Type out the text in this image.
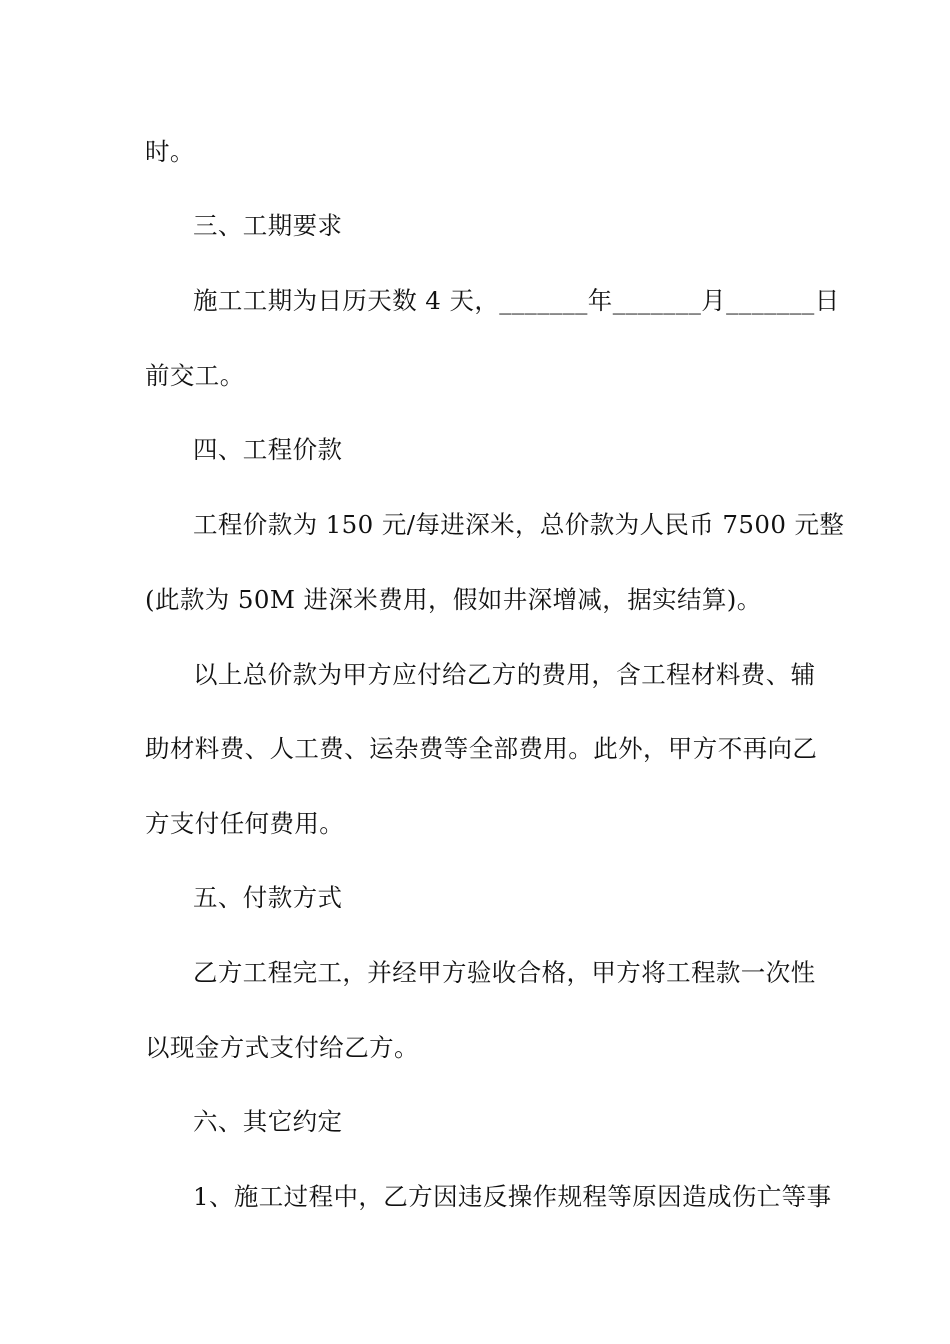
时。
三、工期要求
施工工期为日历天数 4 天，_______年_______月_______日
前交工。
四、工程价款
工程价款为 150 元/每进深米，总价款为人民币 7500 元整
(此款为 50M 进深米费用，假如井深增减，据实结算)。
以上总价款为甲方应付给乙方的费用，含工程材料费、辅
助材料费、人工费、运杂费等全部费用。此外，甲方不再向乙
方支付任何费用。
五、付款方式
乙方工程完工，并经甲方验收合格，甲方将工程款一次性
以现金方式支付给乙方。
六、其它约定
1、施工过程中，乙方因违反操作规程等原因造成伤亡等事
